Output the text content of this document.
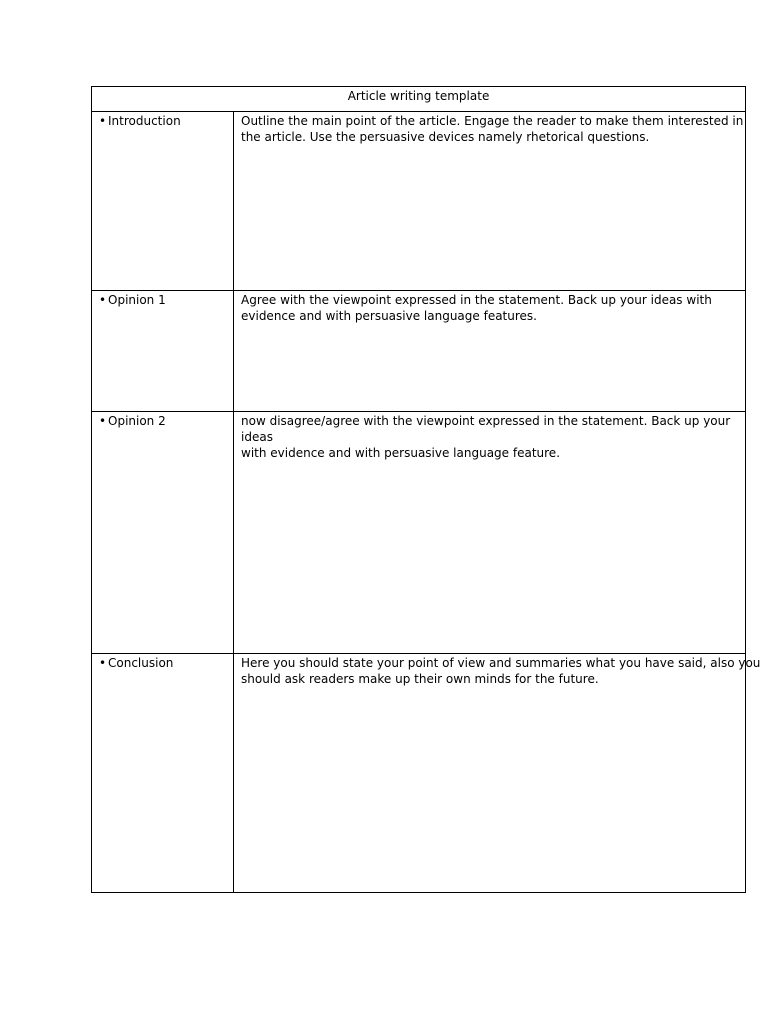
Article writing template	

• Introduction	Outline the main point of the article. Engage the reader to make them interested in
the article. Use the persuasive devices namely rhetorical questions.

• Opinion 1	Agree with the viewpoint expressed in the statement. Back up your ideas with
evidence and with persuasive language features.

• Opinion 2	now disagree/agree with the viewpoint expressed in the statement. Back up your
ideas
with evidence and with persuasive language feature.

• Conclusion	Here you should state your point of view and summaries what you have said, also you
should ask readers make up their own minds for the future.
